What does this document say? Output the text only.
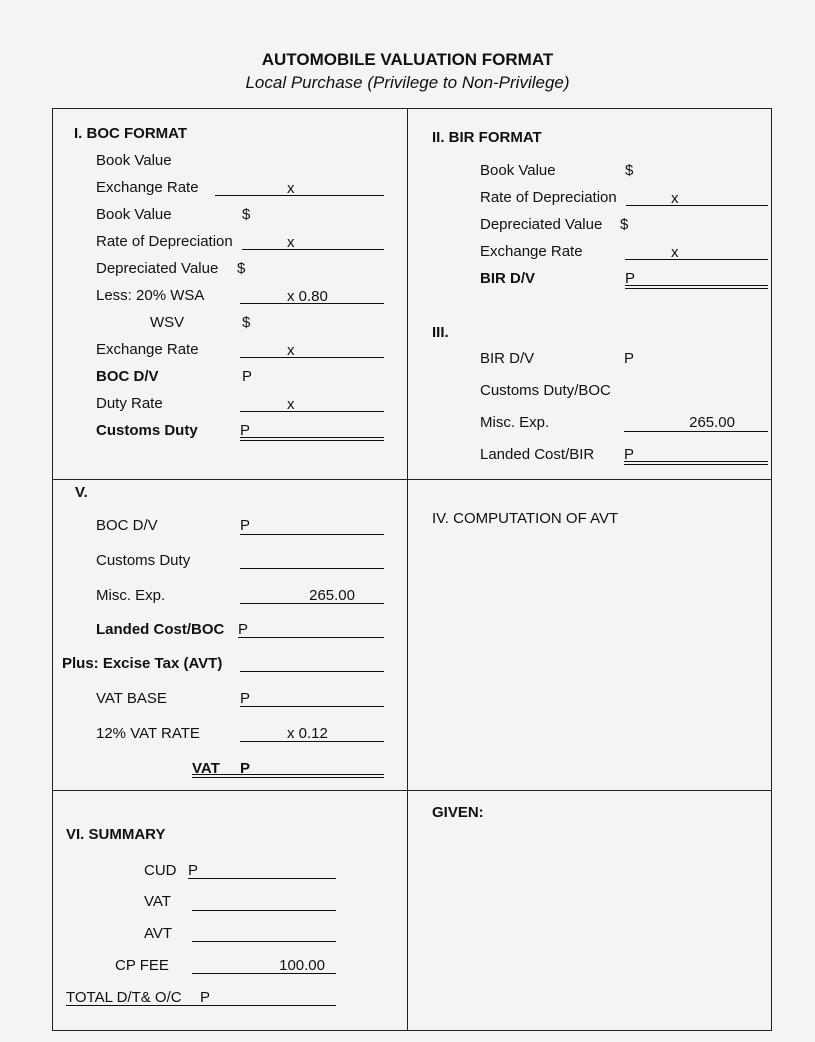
AUTOMOBILE VALUATION FORMAT
Local Purchase (Privilege to Non-Privilege)
I. BOC FORMAT
Book Value
Exchange Rate	x
Book Value	$
Rate of Depreciation	x
Depreciated Value $
Less: 20% WSA	x 0.80
WSV	$
Exchange Rate	x
BOC D/V	P
Duty Rate	x
Customs Duty	P
II. BIR FORMAT
Book Value	$
Rate of Depreciation	x
Depreciated Value $
Exchange Rate	x
BIR D/V	P
III.
BIR D/V	P
Customs Duty/BOC
Misc. Exp.	265.00
Landed Cost/BIR P
V.
BOC D/V	P
Customs Duty
Misc. Exp.	265.00
Landed Cost/BOC P
Plus: Excise Tax (AVT)
VAT BASE	P
12% VAT RATE	x 0.12
VAT P
IV. COMPUTATION OF AVT
VI. SUMMARY
CUD P
VAT
AVT
CP FEE	100.00
TOTAL D/T& O/C P
GIVEN:
